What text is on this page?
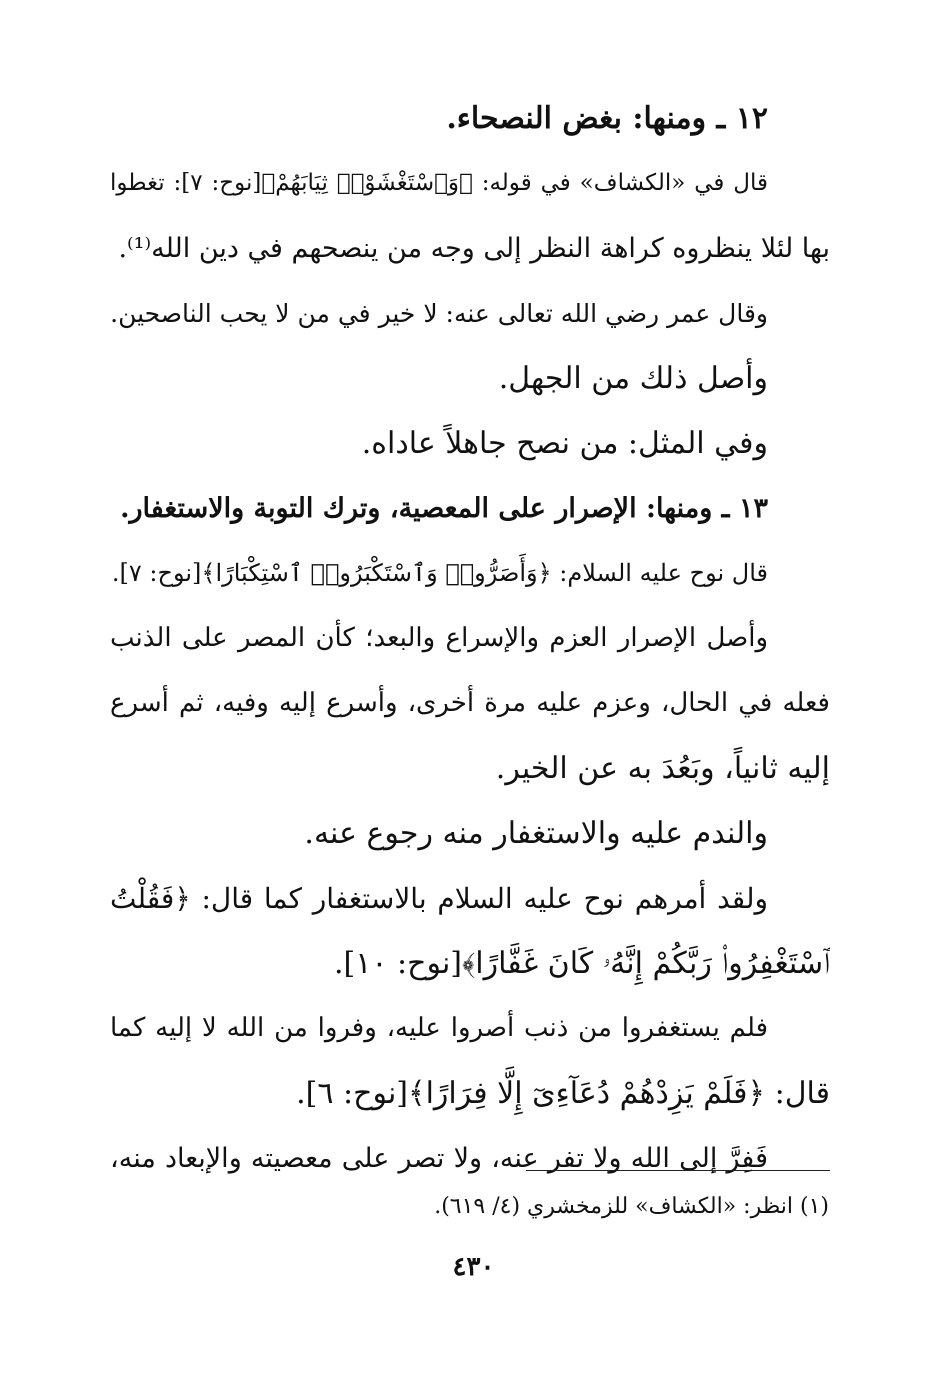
١٢ ـ ومنها: بغض النصحاء.
قال في «الكشاف» في قوله: ﴿وَٱسْتَغْشَوْا۟ ثِيَابَهُمْ﴾[نوح: ٧]: تغطوا
بها لئلا ينظروه كراهة النظر إلى وجه من ينصحهم في دين الله⁽¹⁾.
وقال عمر رضي الله تعالى عنه: لا خير في من لا يحب الناصحين.
وأصل ذلك من الجهل.
وفي المثل: من نصح جاهلاً عاداه.
١٣ ـ ومنها: الإصرار على المعصية، وترك التوبة والاستغفار.
قال نوح عليه السلام: ﴿وَأَصَرُّوا۟ وَٱسْتَكْبَرُوا۟ ٱسْتِكْبَارًا﴾[نوح: ٧].
وأصل الإصرار العزم والإسراع والبعد؛ كأن المصر على الذنب
فعله في الحال، وعزم عليه مرة أخرى، وأسرع إليه وفيه، ثم أسرع
إليه ثانياً، وبَعُدَ به عن الخير.
والندم عليه والاستغفار منه رجوع عنه.
ولقد أمرهم نوح عليه السلام بالاستغفار كما قال: ﴿فَقُلْتُ
ٱسْتَغْفِرُوا۟ رَبَّكُمْ إِنَّهُۥ كَانَ غَفَّارًا﴾[نوح: ١٠].
فلم يستغفروا من ذنب أصروا عليه، وفروا من الله لا إليه كما
قال: ﴿فَلَمْ يَزِدْهُمْ دُعَآءِىٓ إِلَّا فِرَارًا﴾[نوح: ٦].
فَفِرَّ إلى الله ولا تفر عنه، ولا تصر على معصيته والإبعاد منه،
(١) انظر: «الكشاف» للزمخشري (٤/ ٦١٩).
٤٣٠
